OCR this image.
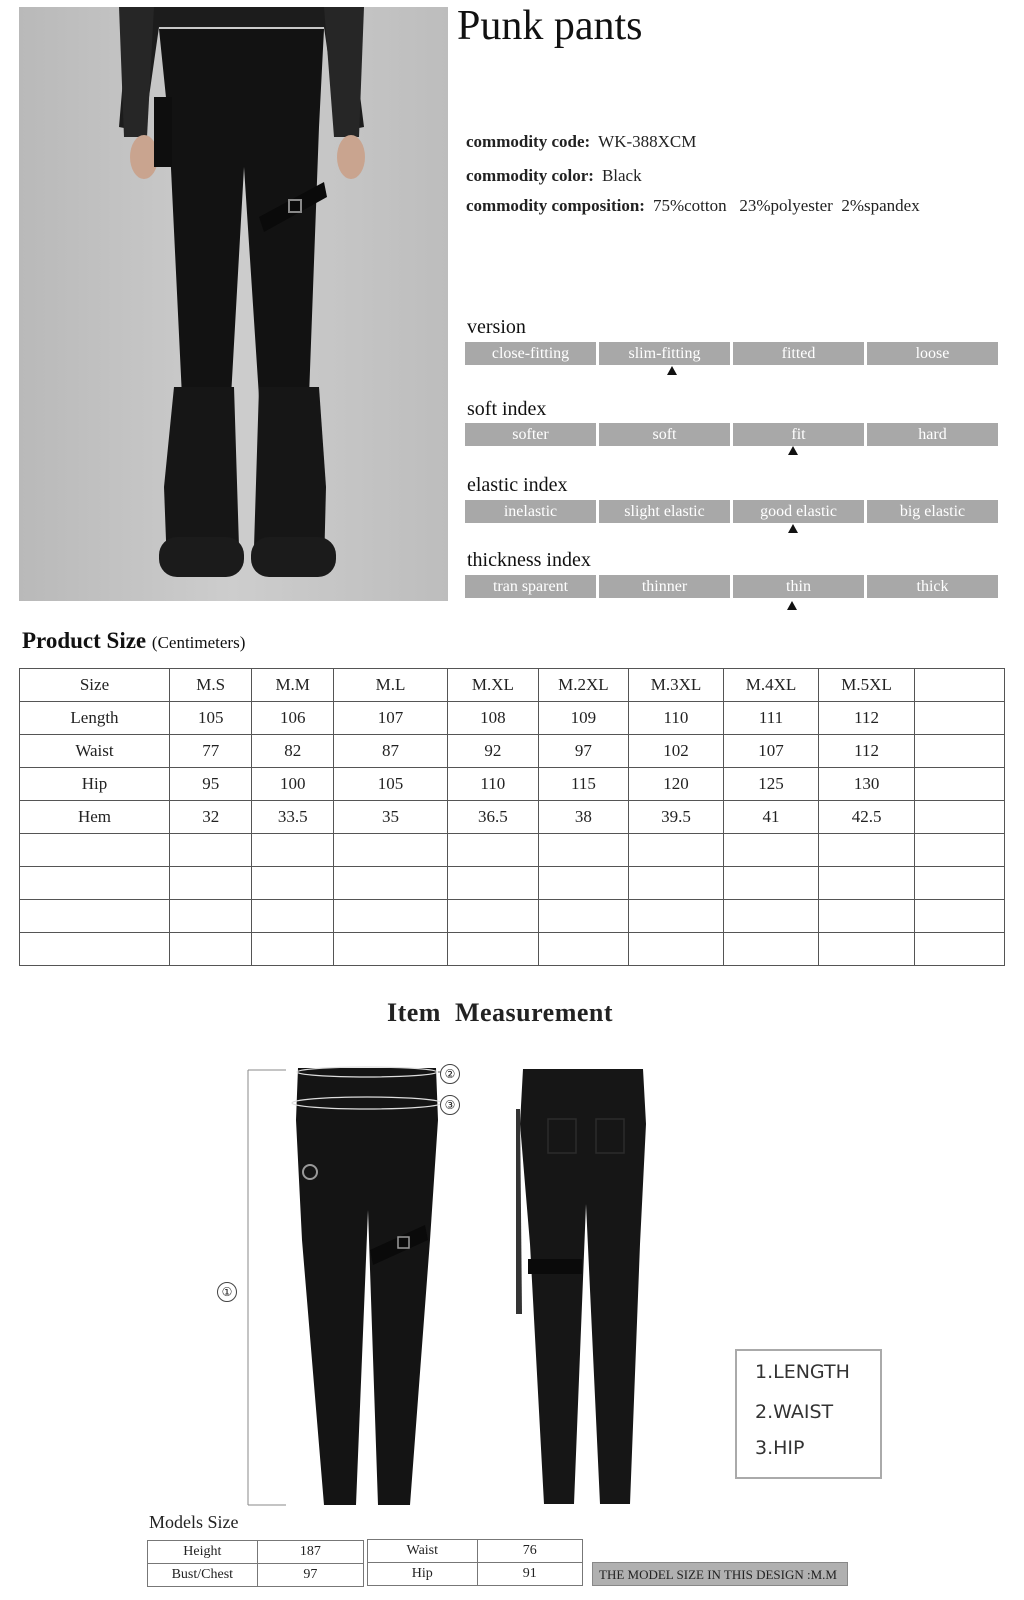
Punk pants
commodity code: WK-388XCM
commodity color: Black
commodity composition: 75%cotton   23%polyester  2%spandex
version
close-fitting	slim-fitting	fitted	loose
soft index
softer	soft	fit	hard
elastic index
inelastic	slight elastic	good elastic	big elastic
thickness index
tran sparent	thinner	thin	thick
Product Size (Centimeters)
Size	M.S	M.M	M.L	M.XL	M.2XL	M.3XL	M.4XL	M.5XL	
Length	105	106	107	108	109	110	111	112	
Waist	77	82	87	92	97	102	107	112	
Hip	95	100	105	110	115	120	125	130	
Hem	32	33.5	35	36.5	38	39.5	41	42.5	

Item  Measurement
②
③
①
1.LENGTH
2.WAIST
3.HIP
Models Size
Height	187
Bust/Chest	97
Waist	76
Hip	91	THE MODEL SIZE IN THIS DESIGN :M.M
